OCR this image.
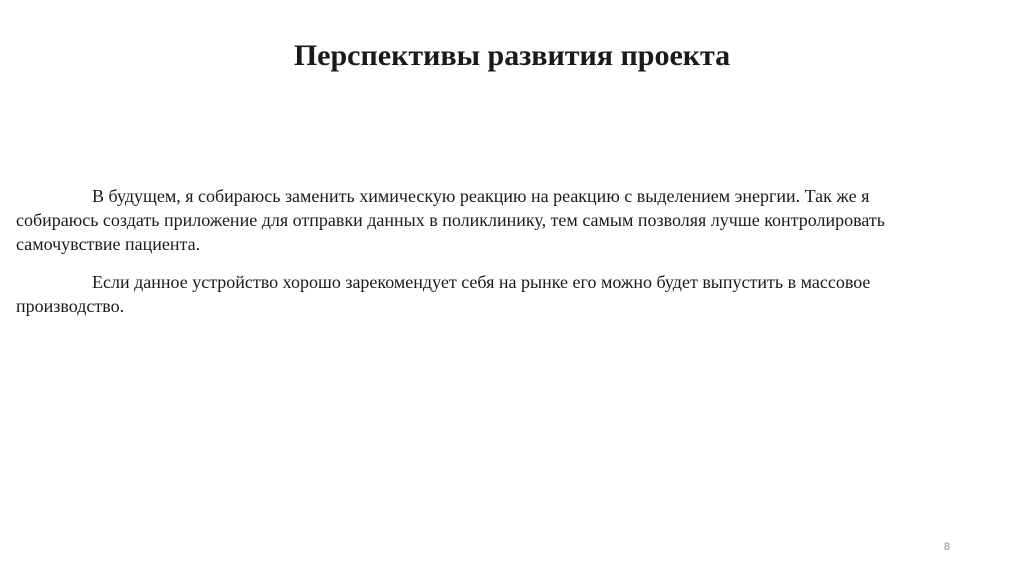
Перспективы развития проекта

В будущем, я собираюсь заменить химическую реакцию на реакцию с выделением энергии. Так же я собираюсь создать приложение для отправки данных в поликлинику, тем самым позволяя лучше контролировать самочувствие пациента.

Если данное устройство хорошо зарекомендует себя на рынке его можно будет выпустить в массовое производство.

8
